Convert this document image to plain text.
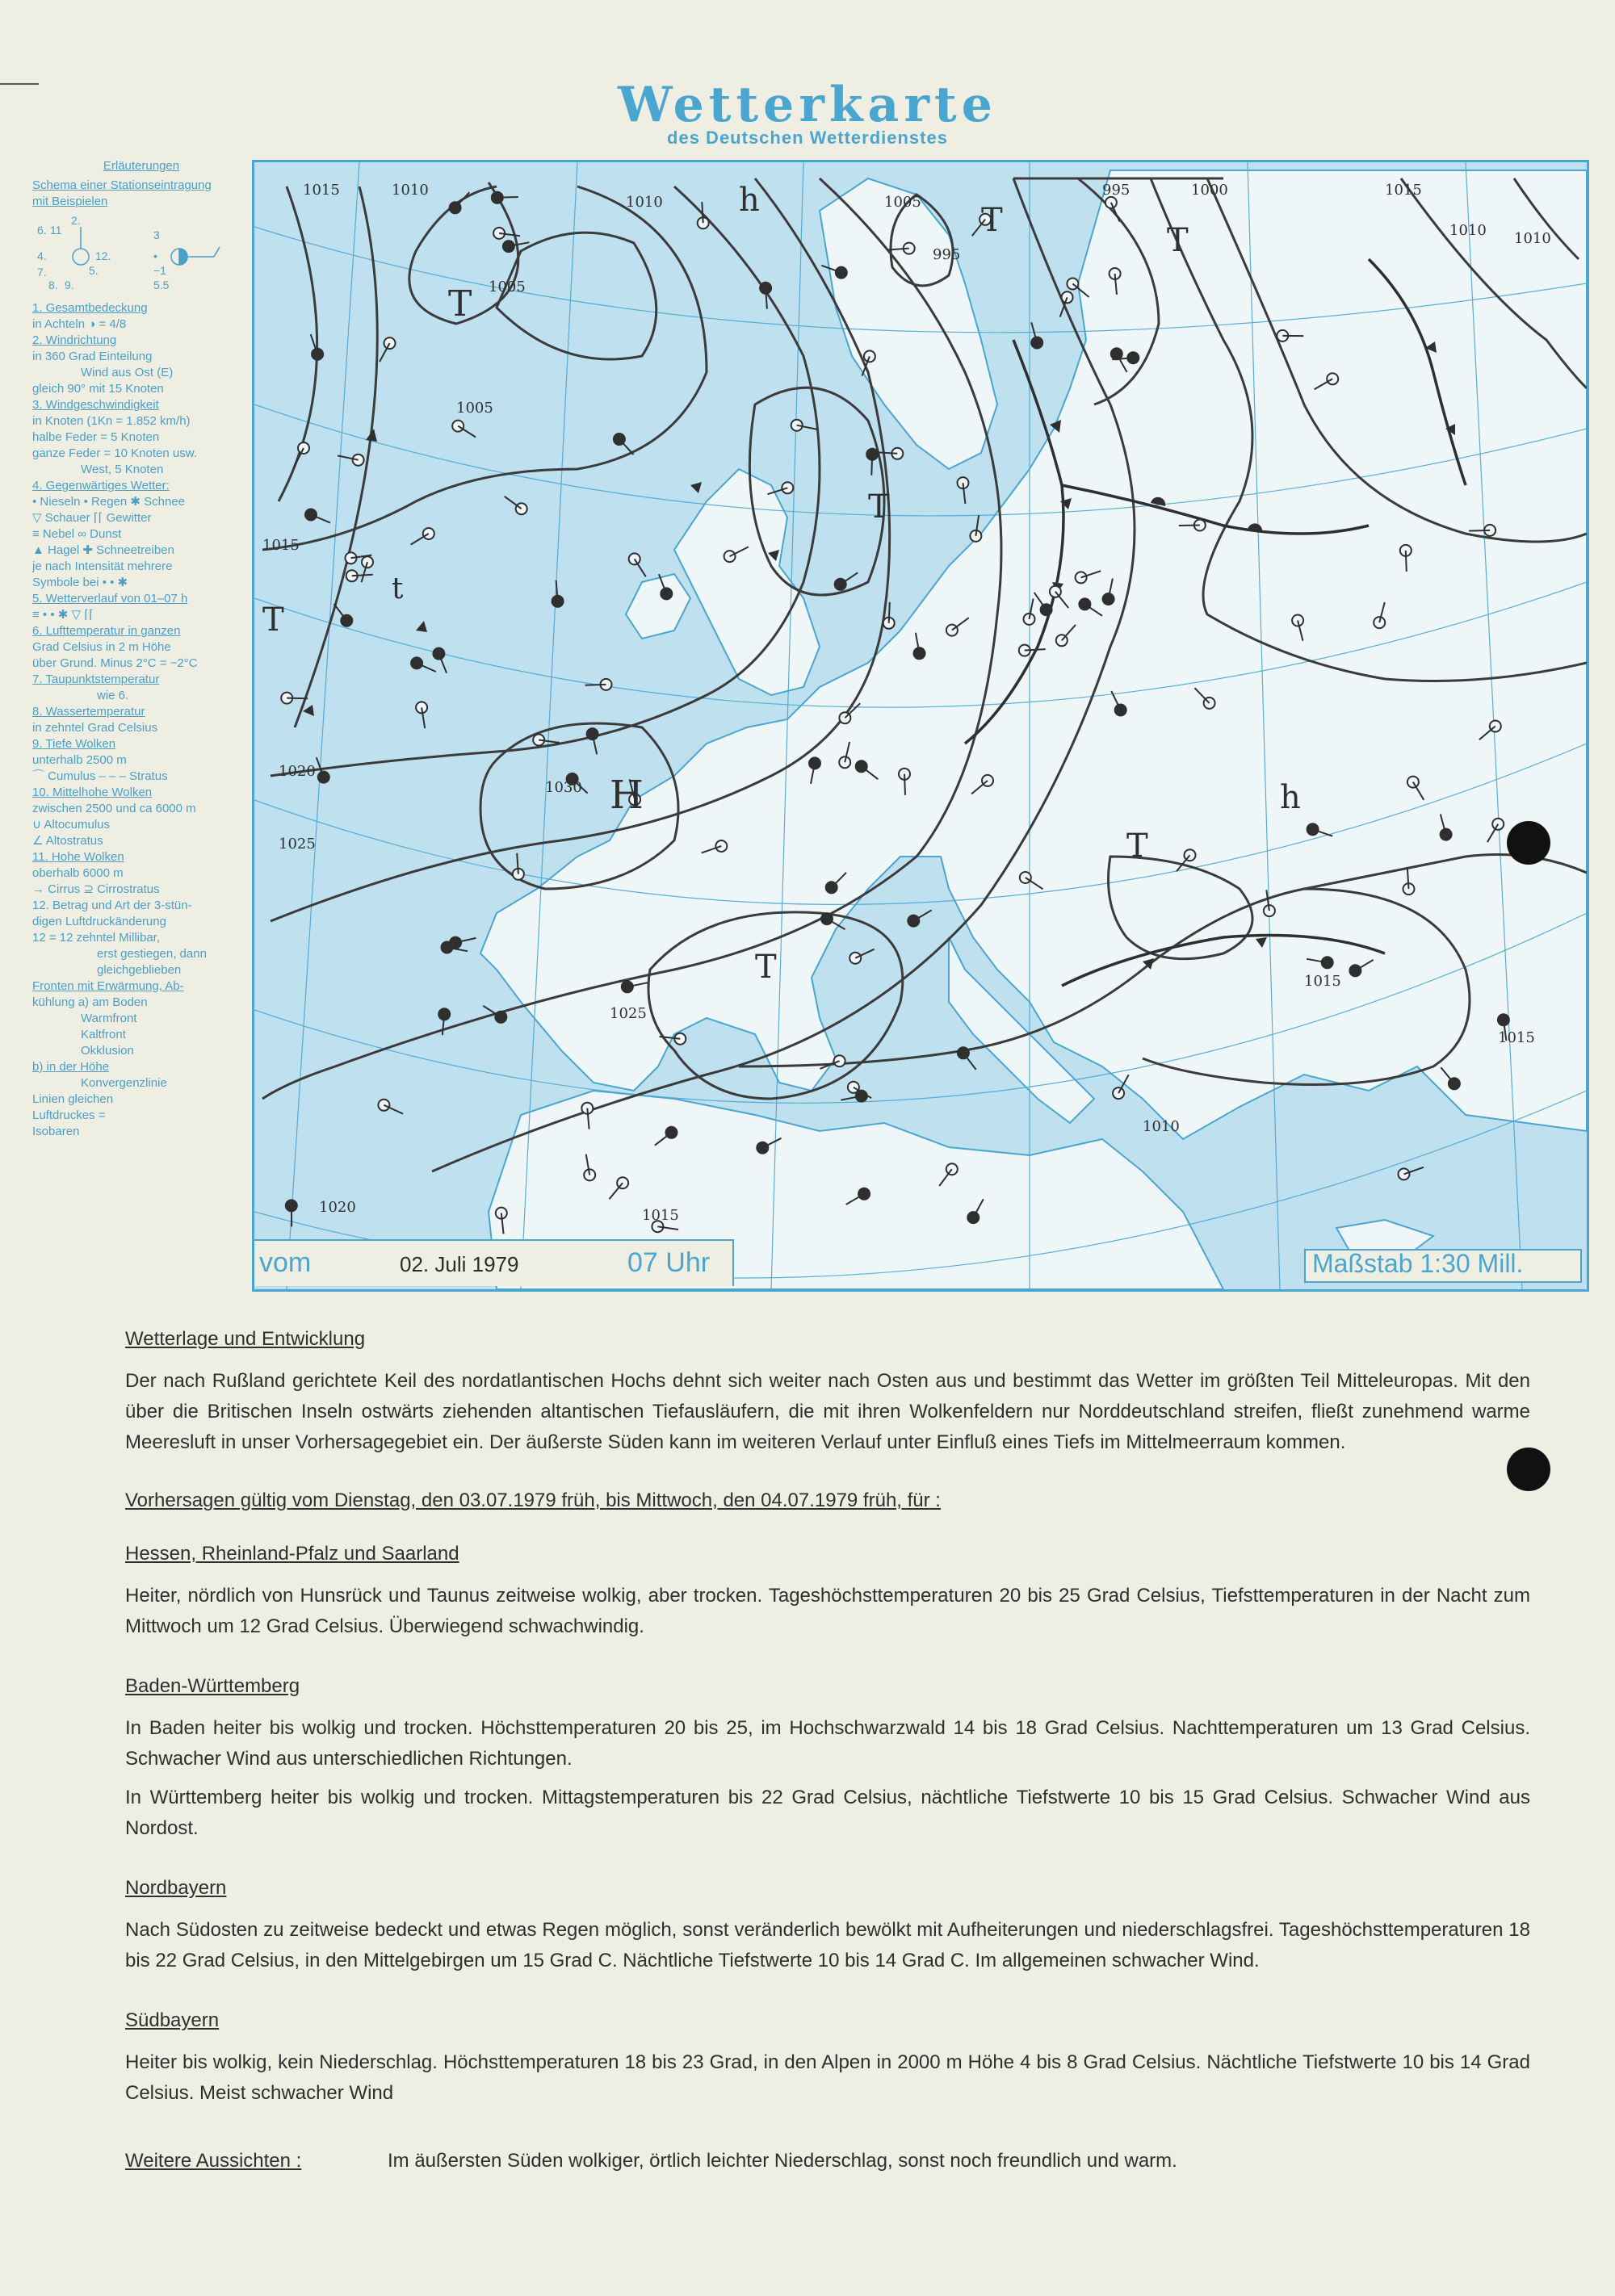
Wetterkarte
des Deutschen Wetterdienstes
Erläuterungen
Schema einer Stationseintragung mit Beispielen
6. 11
2.
4.
7.
8. 9.
12.
5.
3
•
−1
5.5
1. Gesamtbedeckung
in Achteln ◑ = 4/8
2. Windrichtung
in 360 Grad Einteilung
Wind aus Ost (E)
gleich 90° mit 15 Knoten
3. Windgeschwindigkeit
in Knoten (1Kn = 1.852 km/h)
halbe Feder = 5 Knoten
ganze Feder = 10 Knoten usw.
West, 5 Knoten
4. Gegenwärtiges Wetter:
• Nieseln • Regen ✱ Schnee
▽ Schauer ⌈⌈ Gewitter
≡ Nebel ∞ Dunst
▲ Hagel ✚ Schneetreiben
je nach Intensität mehrere
Symbole bei • • ✱
5. Wetterverlauf von 01–07 h
≡ • • ✱ ▽ ⌈⌈
6. Lufttemperatur in ganzen
Grad Celsius in 2 m Höhe
über Grund. Minus 2°C = −2°C
7. Taupunktstemperatur
wie 6.
8. Wassertemperatur
in zehntel Grad Celsius
9. Tiefe Wolken
unterhalb 2500 m
⌒ Cumulus – – – Stratus
10. Mittelhohe Wolken
zwischen 2500 und ca 6000 m
∪ Altocumulus
∠ Altostratus
11. Hohe Wolken
oberhalb 6000 m
→ Cirrus ⊇ Cirrostratus
12. Betrag und Art der 3-stün-
digen Luftdruckänderung
12 = 12 zehntel Millibar,
erst gestiegen, dann
gleichgeblieben
Fronten mit Erwärmung, Ab-
kühlung a) am Boden
Warmfront
Kaltfront
Okklusion
b) in der Höhe
Konvergenzlinie
Linien gleichen
Luftdruckes =
Isobaren
T
T
T
T
T
T
T
H
h
h
t
1015	1010
1005
1005
1010	1005
995
995	1000	1015
1010 1010
1015
1020
1025
1030
1025
1020	1015
1015
1010
1015
vom	02. Juli 1979	07 Uhr	Maßstab 1:30 Mill.
Wetterlage und Entwicklung

Der nach Rußland gerichtete Keil des nordatlantischen Hochs dehnt sich weiter nach Osten aus und bestimmt das Wetter im größten Teil Mitteleuropas. Mit den über die Britischen Inseln ostwärts ziehenden altantischen Tiefausläufern, die mit ihren Wolkenfeldern nur Norddeutschland streifen, fließt zunehmend warme Meeresluft in unser Vorhersagegebiet ein. Der äußerste Süden kann im weiteren Verlauf unter Einfluß eines Tiefs im Mittelmeerraum kommen.

Vorhersagen gültig vom Dienstag, den 03.07.1979 früh, bis Mittwoch, den 04.07.1979 früh, für :
Hessen, Rheinland-Pfalz und Saarland

Heiter, nördlich von Hunsrück und Taunus zeitweise wolkig, aber trocken. Tageshöchsttemperaturen 20 bis 25 Grad Celsius, Tiefsttemperaturen in der Nacht zum Mittwoch um 12 Grad Celsius. Überwiegend schwachwindig.

Baden-Württemberg

In Baden heiter bis wolkig und trocken. Höchsttemperaturen 20 bis 25, im Hochschwarzwald 14 bis 18 Grad Celsius. Nachttemperaturen um 13 Grad Celsius. Schwacher Wind aus unterschiedlichen Richtungen.

In Württemberg heiter bis wolkig und trocken. Mittagstemperaturen bis 22 Grad Celsius, nächtliche Tiefstwerte 10 bis 15 Grad Celsius. Schwacher Wind aus Nordost.

Nordbayern

Nach Südosten zu zeitweise bedeckt und etwas Regen möglich, sonst veränderlich bewölkt mit Aufheiterungen und niederschlagsfrei. Tageshöchsttemperaturen 18 bis 22 Grad Celsius, in den Mittelgebirgen um 15 Grad C. Nächtliche Tiefstwerte 10 bis 14 Grad C. Im allgemeinen schwacher Wind.

Südbayern

Heiter bis wolkig, kein Niederschlag. Höchsttemperaturen 18 bis 23 Grad, in den Alpen in 2000 m Höhe 4 bis 8 Grad Celsius. Nächtliche Tiefstwerte 10 bis 14 Grad Celsius. Meist schwacher Wind

Weitere Aussichten :	Im äußersten Süden wolkiger, örtlich leichter Niederschlag, sonst noch freundlich und warm.
